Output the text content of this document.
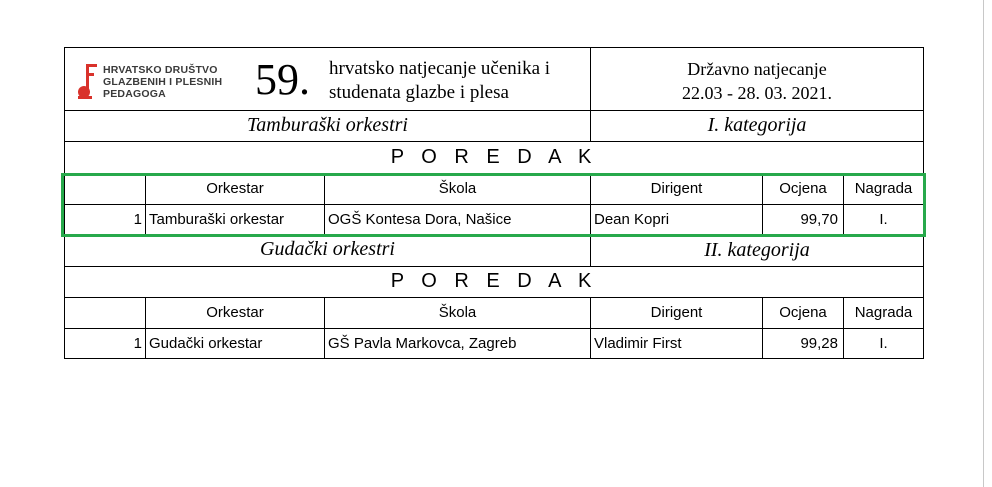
HRVATSKO DRUŠTVO
GLAZBENIH I PLESNIH
PEDAGOGA	59.	hrvatsko natjecanje učenika i
studenata glazbe i plesa
Državno natjecanje
22.03 - 28. 03. 2021.
Tamburaški orkestri	I. kategorija
P O R E D A K
Orkestar	Škola	Dirigent	Ocjena	Nagrada
1 Tamburaški orkestar	OGŠ Kontesa Dora, Našice	Dean Kopri	99,70	I.
Gudački orkestri	II. kategorija
P O R E D A K
Orkestar	Škola	Dirigent	Ocjena	Nagrada
1 Gudački orkestar	GŠ Pavla Markovca, Zagreb	Vladimir First	99,28	I.
